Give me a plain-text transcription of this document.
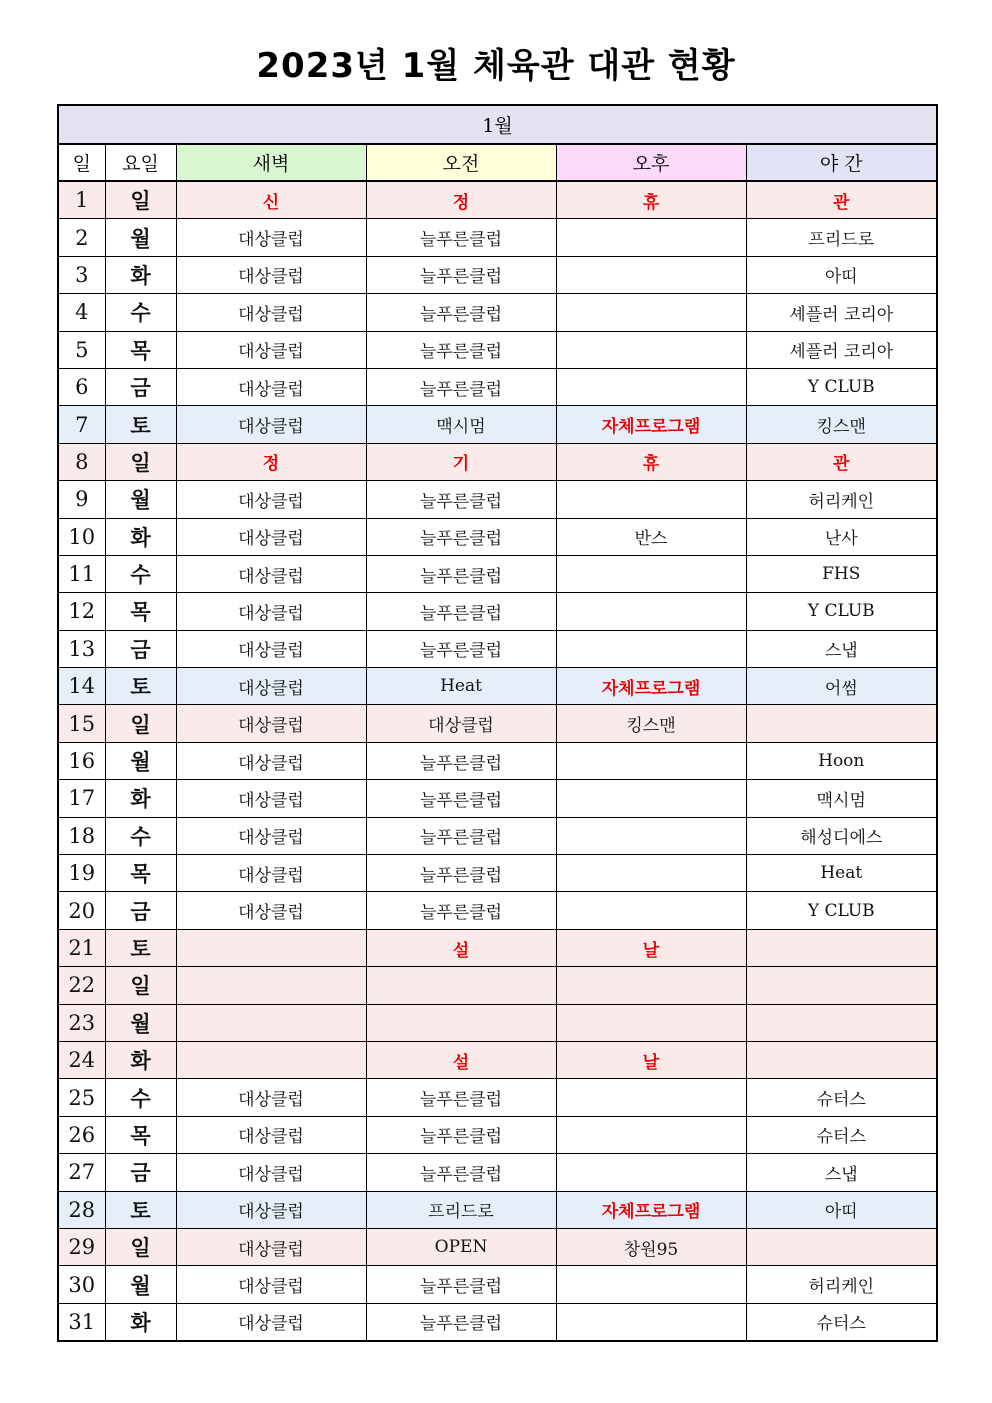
2023년 1월 체육관 대관 현황
1월					
일	요일	새벽	오전	오후	야 간
1	일	신	정	휴	관
2	월	대상클럽	늘푸른클럽		프리드로
3	화	대상클럽	늘푸른클럽		아띠
4	수	대상클럽	늘푸른클럽		셰플러 코리아
5	목	대상클럽	늘푸른클럽		셰플러 코리아
6	금	대상클럽	늘푸른클럽		Y CLUB
7	토	대상클럽	맥시멈	자체프로그램	킹스맨
8	일	정	기	휴	관
9	월	대상클럽	늘푸른클럽		허리케인
10	화	대상클럽	늘푸른클럽	반스	난사
11	수	대상클럽	늘푸른클럽		FHS
12	목	대상클럽	늘푸른클럽		Y CLUB
13	금	대상클럽	늘푸른클럽		스냅
14	토	대상클럽	Heat	자체프로그램	어썸
15	일	대상클럽	대상클럽	킹스맨	
16	월	대상클럽	늘푸른클럽		Hoon
17	화	대상클럽	늘푸른클럽		맥시멈
18	수	대상클럽	늘푸른클럽		해성디에스
19	목	대상클럽	늘푸른클럽		Heat
20	금	대상클럽	늘푸른클럽		Y CLUB
21	토		설	날	
22	일				
23	월				
24	화		설	날	
25	수	대상클럽	늘푸른클럽		슈터스
26	목	대상클럽	늘푸른클럽		슈터스
27	금	대상클럽	늘푸른클럽		스냅
28	토	대상클럽	프리드로	자체프로그램	아띠
29	일	대상클럽	OPEN	창원95	
30	월	대상클럽	늘푸른클럽		허리케인
31	화	대상클럽	늘푸른클럽		슈터스
